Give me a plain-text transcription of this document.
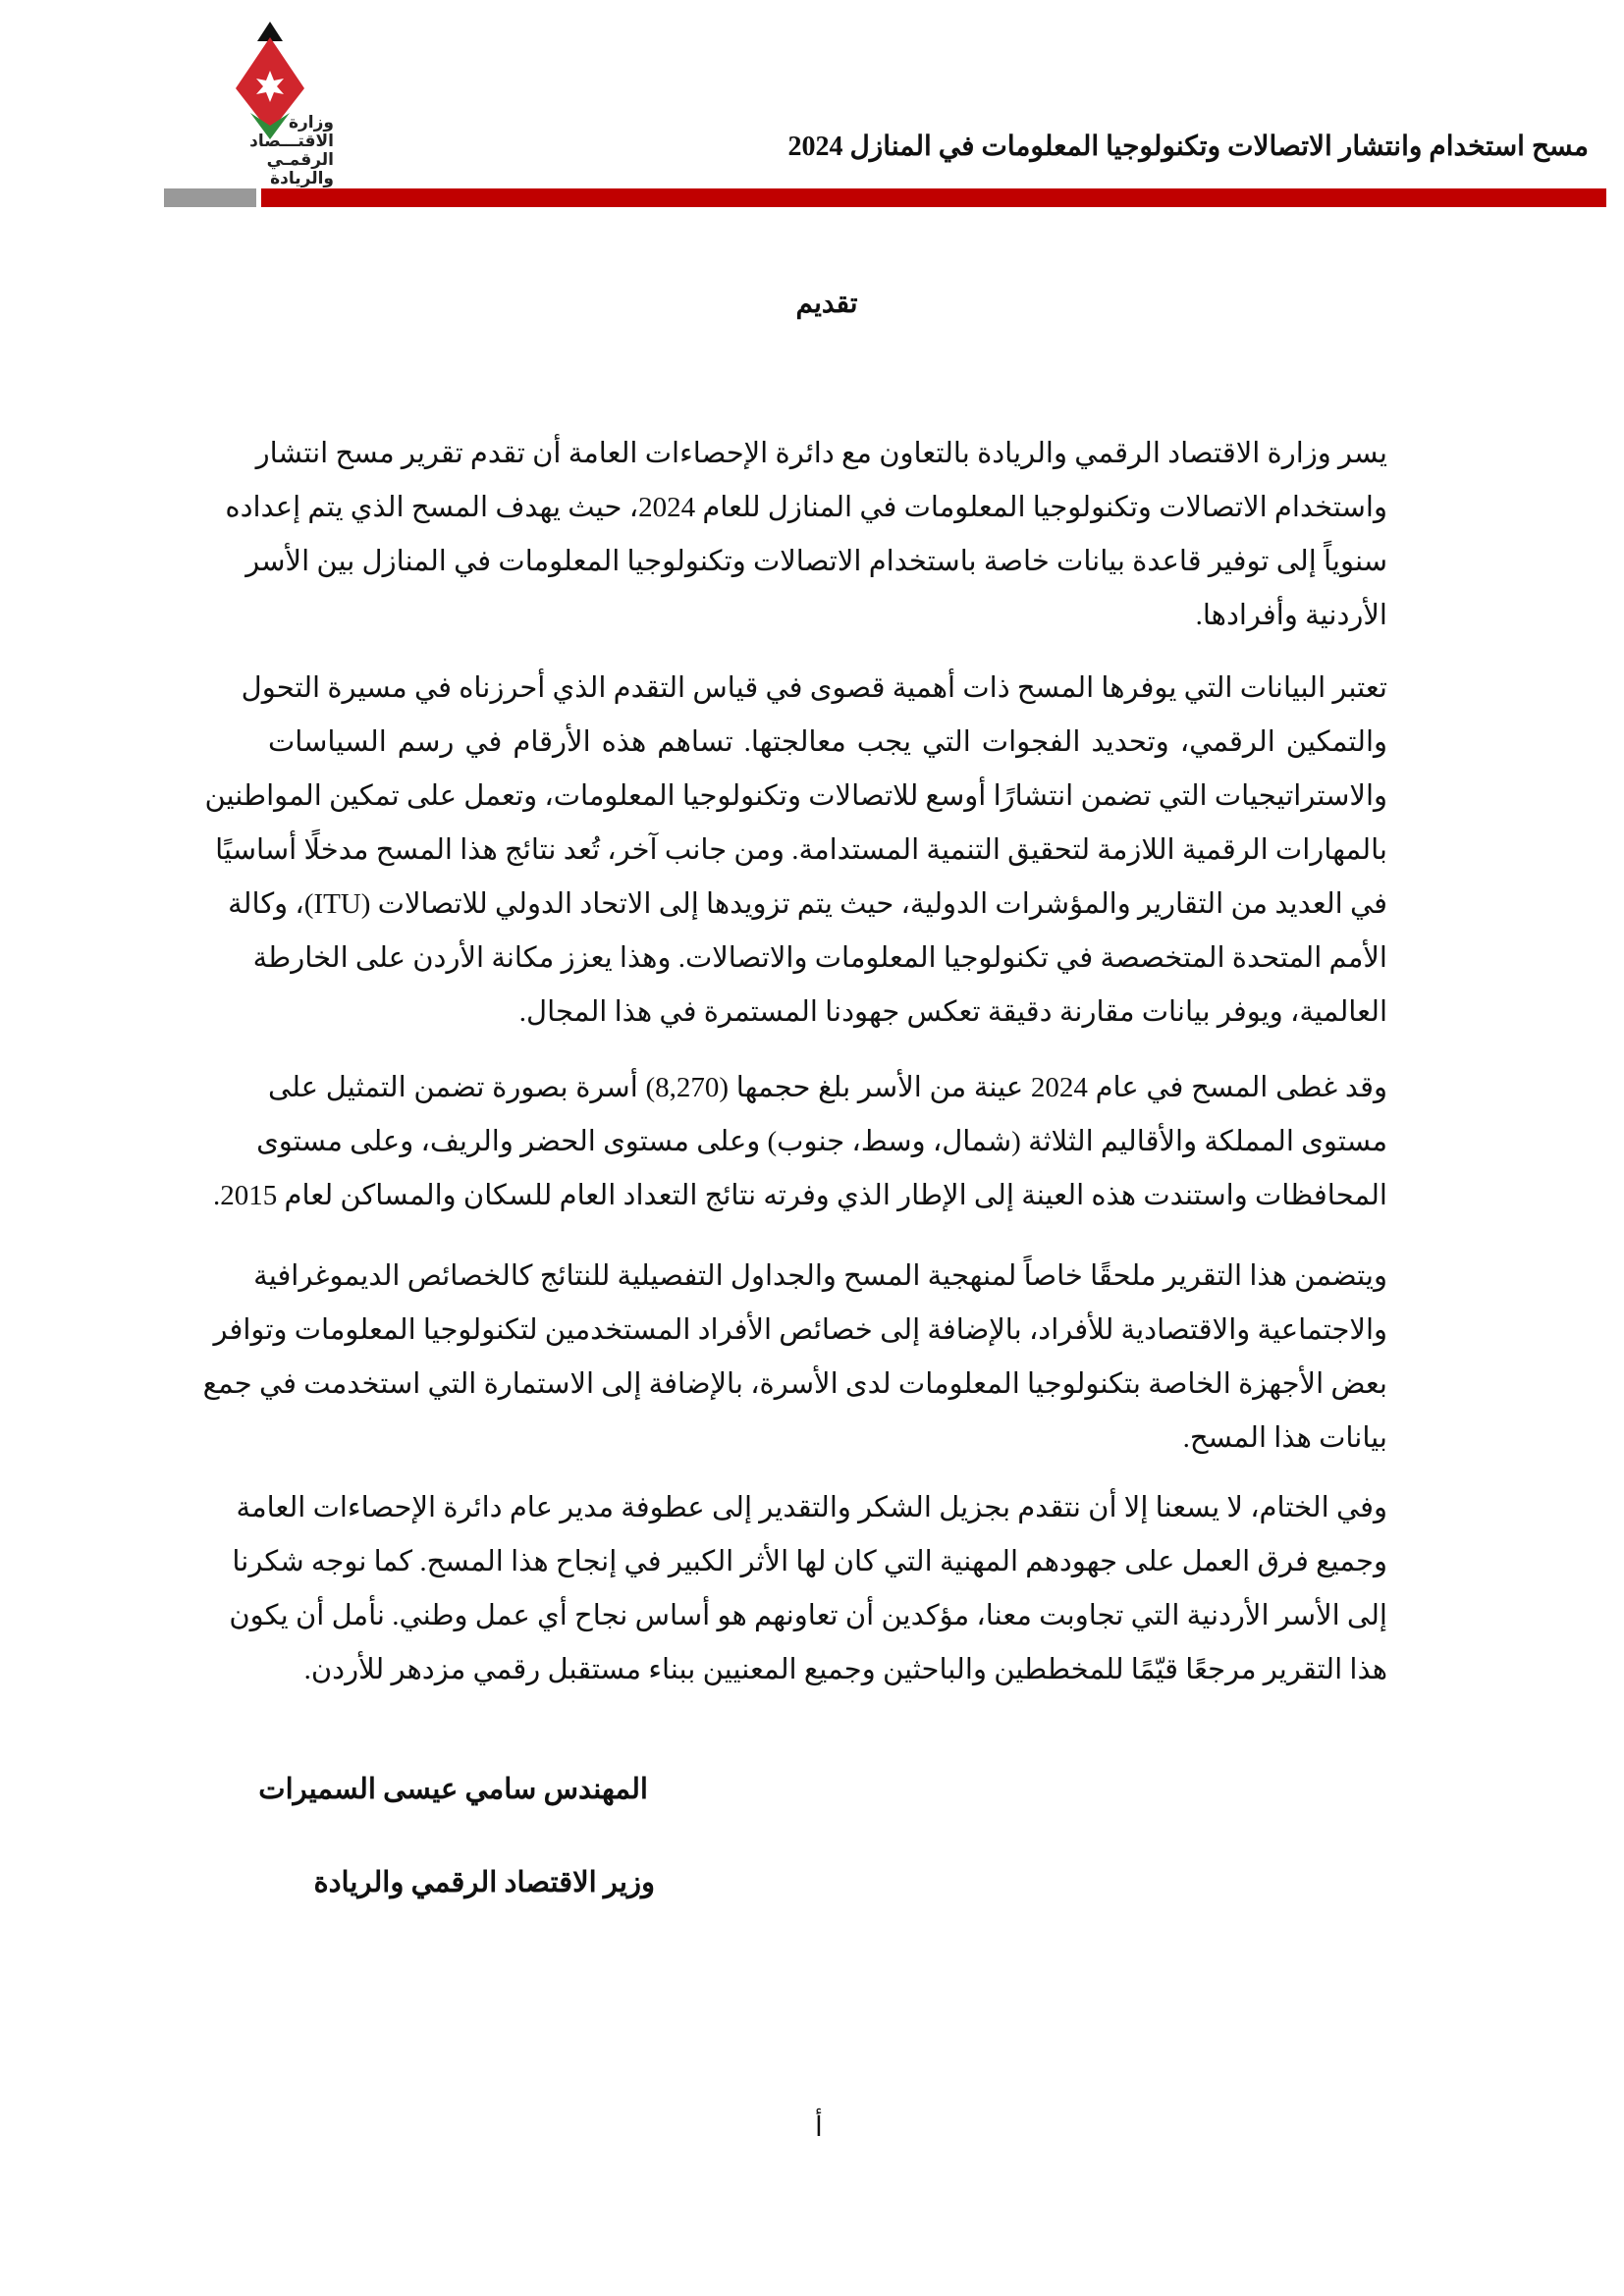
وزارة الاقتـــصاد
الرقمـي والريادة
مسح استخدام وانتشار الاتصالات وتكنولوجيا المعلومات في المنازل 2024
تقديم
يسر وزارة الاقتصاد الرقمي والريادة بالتعاون مع دائرة الإحصاءات العامة أن تقدم تقرير مسح انتشار
واستخدام الاتصالات وتكنولوجيا المعلومات في المنازل للعام 2024، حيث يهدف المسح الذي يتم إعداده
سنوياً إلى توفير قاعدة بيانات خاصة باستخدام الاتصالات وتكنولوجيا المعلومات في المنازل بين الأسر
الأردنية وأفرادها.
تعتبر البيانات التي يوفرها المسح ذات أهمية قصوى في قياس التقدم الذي أحرزناه في مسيرة التحول
والتمكين الرقمي، وتحديد الفجوات التي يجب معالجتها. تساهم هذه الأرقام في رسم السياسات
والاستراتيجيات التي تضمن انتشارًا أوسع للاتصالات وتكنولوجيا المعلومات، وتعمل على تمكين المواطنين
بالمهارات الرقمية اللازمة لتحقيق التنمية المستدامة. ومن جانب آخر، تُعد نتائج هذا المسح مدخلًا أساسيًا
في العديد من التقارير والمؤشرات الدولية، حيث يتم تزويدها إلى الاتحاد الدولي للاتصالات (ITU)، وكالة
الأمم المتحدة المتخصصة في تكنولوجيا المعلومات والاتصالات. وهذا يعزز مكانة الأردن على الخارطة
العالمية، ويوفر بيانات مقارنة دقيقة تعكس جهودنا المستمرة في هذا المجال.
وقد غطى المسح في عام 2024 عينة من الأسر بلغ حجمها (8,270) أسرة بصورة تضمن التمثيل على
مستوى المملكة والأقاليم الثلاثة (شمال، وسط، جنوب) وعلى مستوى الحضر والريف، وعلى مستوى
المحافظات واستندت هذه العينة إلى الإطار الذي وفرته نتائج التعداد العام للسكان والمساكن لعام 2015.
ويتضمن هذا التقرير ملحقًا خاصاً لمنهجية المسح والجداول التفصيلية للنتائج كالخصائص الديموغرافية
والاجتماعية والاقتصادية للأفراد، بالإضافة إلى خصائص الأفراد المستخدمين لتكنولوجيا المعلومات وتوافر
بعض الأجهزة الخاصة بتكنولوجيا المعلومات لدى الأسرة، بالإضافة إلى الاستمارة التي استخدمت في جمع
بيانات هذا المسح.
وفي الختام، لا يسعنا إلا أن نتقدم بجزيل الشكر والتقدير إلى عطوفة مدير عام دائرة الإحصاءات العامة
وجميع فرق العمل على جهودهم المهنية التي كان لها الأثر الكبير في إنجاح هذا المسح. كما نوجه شكرنا
إلى الأسر الأردنية التي تجاوبت معنا، مؤكدين أن تعاونهم هو أساس نجاح أي عمل وطني. نأمل أن يكون
هذا التقرير مرجعًا قيّمًا للمخططين والباحثين وجميع المعنيين ببناء مستقبل رقمي مزدهر للأردن.
المهندس سامي عيسى السميرات
وزير الاقتصاد الرقمي والريادة
أ
